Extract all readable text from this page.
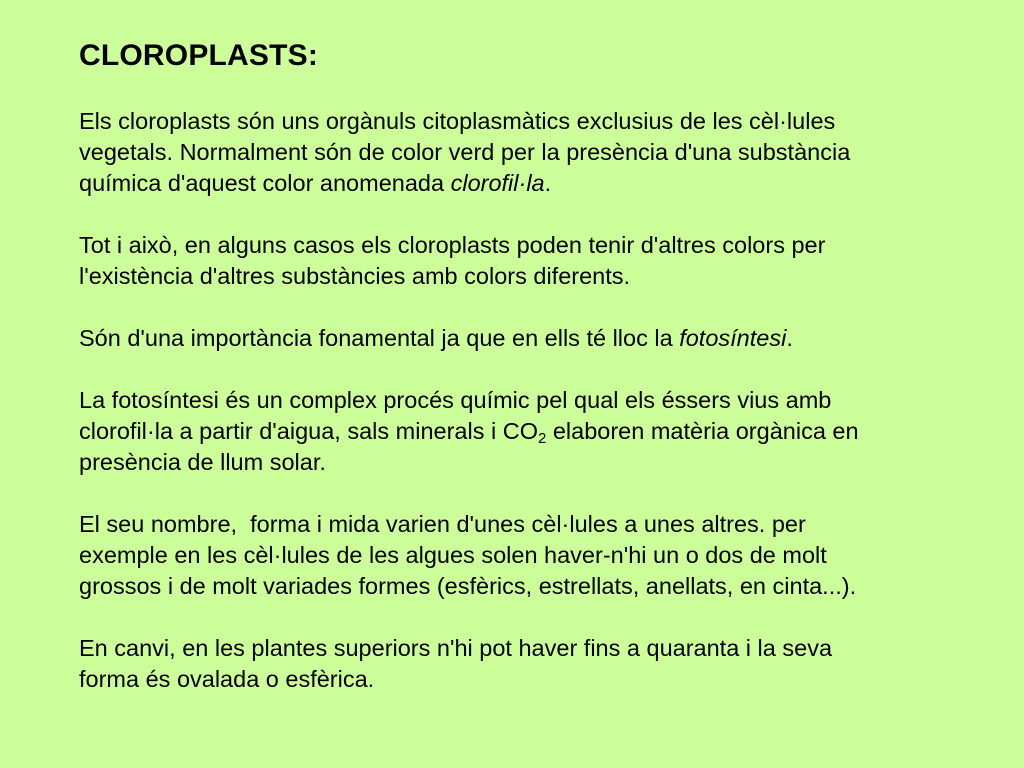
CLOROPLASTS:
Els cloroplasts són uns orgànuls citoplasmàtics exclusius de les cèl·lules
vegetals. Normalment són de color verd per la presència d'una substància
química d'aquest color anomenada clorofil·la.
Tot i això, en alguns casos els cloroplasts poden tenir d'altres colors per
l'existència d'altres substàncies amb colors diferents.
Són d'una importància fonamental ja que en ells té lloc la fotosíntesi.
La fotosíntesi és un complex procés químic pel qual els éssers vius amb
clorofil·la a partir d'aigua, sals minerals i $CO_2$ elaboren matèria orgànica en
presència de llum solar.
El seu nombre,  forma i mida varien d'unes cèl·lules a unes altres. per
exemple en les cèl·lules de les algues solen haver-n'hi un o dos de molt
grossos i de molt variades formes (esfèrics, estrellats, anellats, en cinta...).
En canvi, en les plantes superiors n'hi pot haver fins a quaranta i la seva
forma és ovalada o esfèrica.
